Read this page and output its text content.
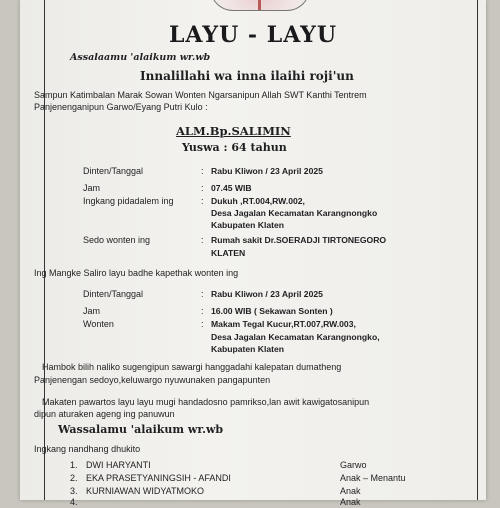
LAYU - LAYU
Assalaamu 'alaikum wr.wb
Innalillahi wa inna ilaihi roji'un
Sampun Katimbalan Marak Sowan Wonten Ngarsanipun Allah SWT Kanthi Tentrem
Panjenenganipun Garwo/Eyang Putri Kulo :
ALM.Bp.SALIMIN
Yuswa : 64 tahun
Dinten/Tanggal	: Rabu Kliwon / 23 April 2025
Jam	: 07.45 WIB
Ingkang pidadalem ing	: Dukuh ,RT.004,RW.002,
Desa Jagalan Kecamatan Karangnongko
Kabupaten Klaten
Sedo wonten ing	: Rumah sakit Dr.SOERADJI TIRTONEGORO
KLATEN
Ing Mangke Saliro layu badhe kapethak wonten ing
Dinten/Tanggal	: Rabu Kliwon / 23 April 2025
Jam	: 16.00 WIB ( Sekawan Sonten )
Wonten	: Makam Tegal Kucur,RT.007,RW.003,
Desa Jagalan Kecamatan Karangnongko,
Kabupaten Klaten
Hambok bilih naliko sugengipun sawargi hanggadahi kalepatan dumatheng
Panjenengan sedoyo,keluwargo nyuwunaken pangapunten
Makaten pawartos layu layu mugi handadosno pamrikso,lan awit kawigatosanipun
dipun aturaken ageng ing panuwun
Wassalamu 'alaikum wr.wb
Ingkang nandhang dhukito
1. DWI HARYANTI	Garwo
2. EKA PRASETYANINGSIH - AFANDI	Anak – Menantu
3. KURNIAWAN WIDYATMOKO	Anak
4.	Anak
